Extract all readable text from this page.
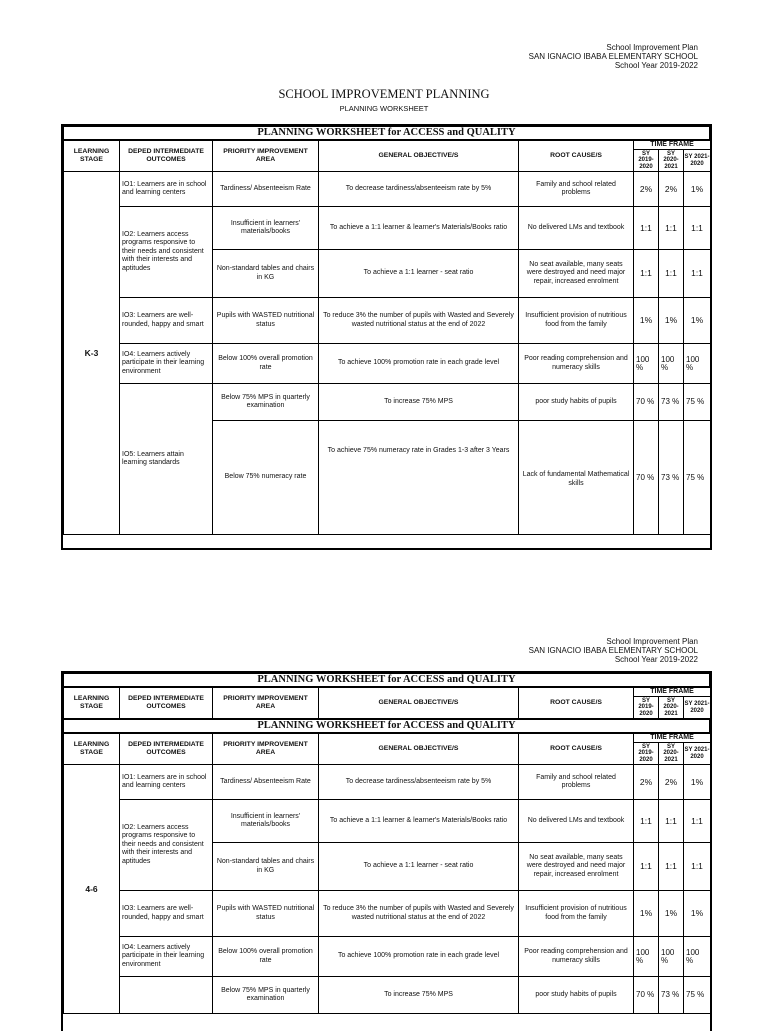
School Improvement Plan
SAN IGNACIO IBABA ELEMENTARY SCHOOL
School Year 2019-2022
SCHOOL IMPROVEMENT PLANNING
PLANNING WORKSHEET
PLANNING WORKSHEET for ACCESS and QUALITY
LEARNING STAGE	DEPED INTERMEDIATE OUTCOMES	PRIORITY IMPROVEMENT AREA	GENERAL OBJECTIVE/S	ROOT CAUSE/S	TIME FRAME		
					SY 2019-2020	SY 2020-2021	SY 2021-2020
K-3	IO1: Learners are in school and learning centers	Tardiness/ Absenteeism Rate	To decrease tardiness/absenteeism rate by 5%	Family and school related problems	2%	2%	1%
	IO2: Learners access programs responsive to their needs and consistent with their interests and aptitudes	Insufficient in learners' materials/books	To achieve a 1:1 learner & learner's Materials/Books ratio	No delivered LMs and textbook	1:1	1:1	1:1
		Non-standard tables and chairs in KG	To achieve a 1:1 learner - seat ratio	No seat available, many seats were destroyed and need major repair, increased enrolment	1:1	1:1	1:1
	IO3: Learners are well-rounded, happy and smart	Pupils with WASTED nutritional status	To reduce 3% the number of pupils with Wasted and Severely wasted nutritional status at the end of 2022	Insufficient provision of nutritious food from the family	1%	1%	1%
	IO4: Learners actively participate in their learning environment	Below 100% overall promotion rate	To achieve 100% promotion rate in each grade level	Poor reading comprehension and numeracy skills	100 %	100 %	100 %
	IO5: Learners attain learning standards	Below 75% MPS in quarterly examination	To increase 75% MPS	poor study habits of pupils	70 %	73 %	75 %
		Below 75% numeracy rate	To achieve 75% numeracy rate in Grades 1-3 after 3 Years	Lack of fundamental Mathematical skills	70 %	73 %	75 %
School Improvement Plan
SAN IGNACIO IBABA ELEMENTARY SCHOOL
School Year 2019-2022
PLANNING WORKSHEET for ACCESS and QUALITY
LEARNING STAGE	DEPED INTERMEDIATE OUTCOMES	PRIORITY IMPROVEMENT AREA	GENERAL OBJECTIVE/S	ROOT CAUSE/S	TIME FRAME		
					SY 2019-2020	SY 2020-2021	SY 2021-2020
PLANNING WORKSHEET for ACCESS and QUALITY
LEARNING STAGE	DEPED INTERMEDIATE OUTCOMES	PRIORITY IMPROVEMENT AREA	GENERAL OBJECTIVE/S	ROOT CAUSE/S	TIME FRAME		
					SY 2019-2020	SY 2020-2021	SY 2021-2020
4-6	IO1: Learners are in school and learning centers	Tardiness/ Absenteeism Rate	To decrease tardiness/absenteeism rate by 5%	Family and school related problems	2%	2%	1%
	IO2: Learners access programs responsive to their needs and consistent with their interests and aptitudes	Insufficient in learners' materials/books	To achieve a 1:1 learner & learner's Materials/Books ratio	No delivered LMs and textbook	1:1	1:1	1:1
		Non-standard tables and chairs in KG	To achieve a 1:1 learner - seat ratio	No seat available, many seats were destroyed and need major repair, increased enrolment	1:1	1:1	1:1
	IO3: Learners are well-rounded, happy and smart	Pupils with WASTED nutritional status	To reduce 3% the number of pupils with Wasted and Severely wasted nutritional status at the end of 2022	Insufficient provision of nutritious food from the family	1%	1%	1%
	IO4: Learners actively participate in their learning environment	Below 100% overall promotion rate	To achieve 100% promotion rate in each grade level	Poor reading comprehension and numeracy skills	100 %	100 %	100 %
		Below 75% MPS in quarterly examination	To increase 75% MPS	poor study habits of pupils	70 %	73 %	75 %
